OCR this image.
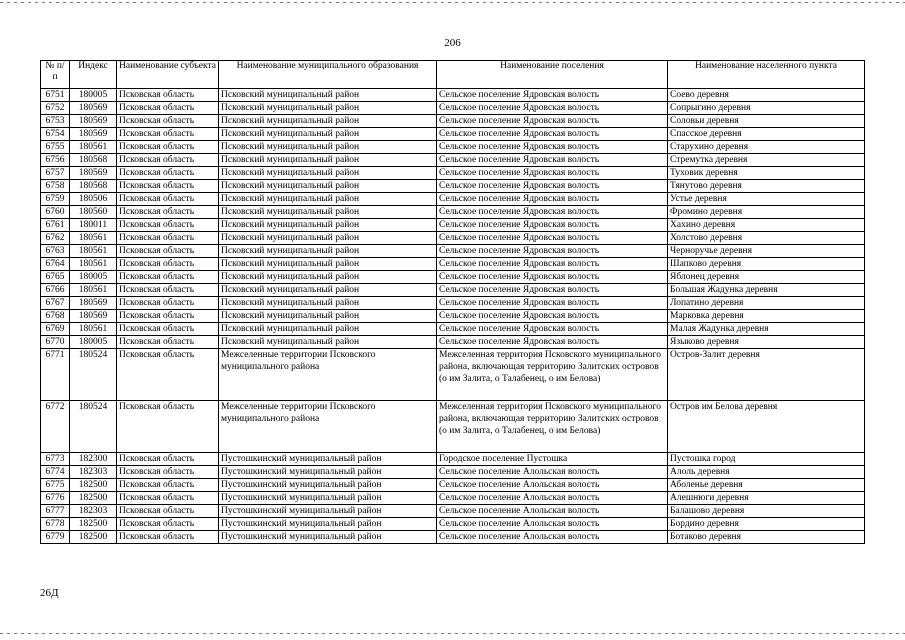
206
№ п/п	Индекс	Наименование субъекта	Наименование муниципального образования	Наименование поселения	Наименование населенного пункта
6751	180005	Псковская область	Псковский муниципальный район	Сельское поселение Ядровская волость	Соево деревня
6752	180569	Псковская область	Псковский муниципальный район	Сельское поселение Ядровская волость	Сопрыгино деревня
6753	180569	Псковская область	Псковский муниципальный район	Сельское поселение Ядровская волость	Соловьи деревня
6754	180569	Псковская область	Псковский муниципальный район	Сельское поселение Ядровская волость	Спасское деревня
6755	180561	Псковская область	Псковский муниципальный район	Сельское поселение Ядровская волость	Старухино деревня
6756	180568	Псковская область	Псковский муниципальный район	Сельское поселение Ядровская волость	Стремутка деревня
6757	180569	Псковская область	Псковский муниципальный район	Сельское поселение Ядровская волость	Туховик деревня
6758	180568	Псковская область	Псковский муниципальный район	Сельское поселение Ядровская волость	Тянутово деревня
6759	180506	Псковская область	Псковский муниципальный район	Сельское поселение Ядровская волость	Устье деревня
6760	180560	Псковская область	Псковский муниципальный район	Сельское поселение Ядровская волость	Фромино деревня
6761	180011	Псковская область	Псковский муниципальный район	Сельское поселение Ядровская волость	Хахино деревня
6762	180561	Псковская область	Псковский муниципальный район	Сельское поселение Ядровская волость	Холстово деревня
6763	180561	Псковская область	Псковский муниципальный район	Сельское поселение Ядровская волость	Черноручье деревня
6764	180561	Псковская область	Псковский муниципальный район	Сельское поселение Ядровская волость	Шапково деревня
6765	180005	Псковская область	Псковский муниципальный район	Сельское поселение Ядровская волость	Яблонец деревня
6766	180561	Псковская область	Псковский муниципальный район	Сельское поселение Ядровская волость	Большая Жадунка деревня
6767	180569	Псковская область	Псковский муниципальный район	Сельское поселение Ядровская волость	Лопатино деревня
6768	180569	Псковская область	Псковский муниципальный район	Сельское поселение Ядровская волость	Марковка деревня
6769	180561	Псковская область	Псковский муниципальный район	Сельское поселение Ядровская волость	Малая Жадунка деревня
6770	180005	Псковская область	Псковский муниципальный район	Сельское поселение Ядровская волость	Языково деревня
6771	180524	Псковская область	Межселенные территории Псковского муниципального района	Межселенная территория Псковского муниципального района, включающая территорию Залитских островов (о им Залита, о Талабенец, о им Белова)	Остров-Залит деревня
6772	180524	Псковская область	Межселенные территории Псковского муниципального района	Межселенная территория Псковского муниципального района, включающая территорию Залитских островов (о им Залита, о Талабенец, о им Белова)	Остров им Белова деревня
6773	182300	Псковская область	Пустошкинский муниципальный район	Городское поселение Пустошка	Пустошка город
6774	182303	Псковская область	Пустошкинский муниципальный район	Сельское поселение Алольская волость	Алоль деревня
6775	182500	Псковская область	Пустошкинский муниципальный район	Сельское поселение Алольская волость	Аболенье деревня
6776	182500	Псковская область	Пустошкинский муниципальный район	Сельское поселение Алольская волость	Алешнюги деревня
6777	182303	Псковская область	Пустошкинский муниципальный район	Сельское поселение Алольская волость	Балашово деревня
6778	182500	Псковская область	Пустошкинский муниципальный район	Сельское поселение Алольская волость	Бордино деревня
6779	182500	Псковская область	Пустошкинский муниципальный район	Сельское поселение Алольская волость	Ботаково деревня
26Д
